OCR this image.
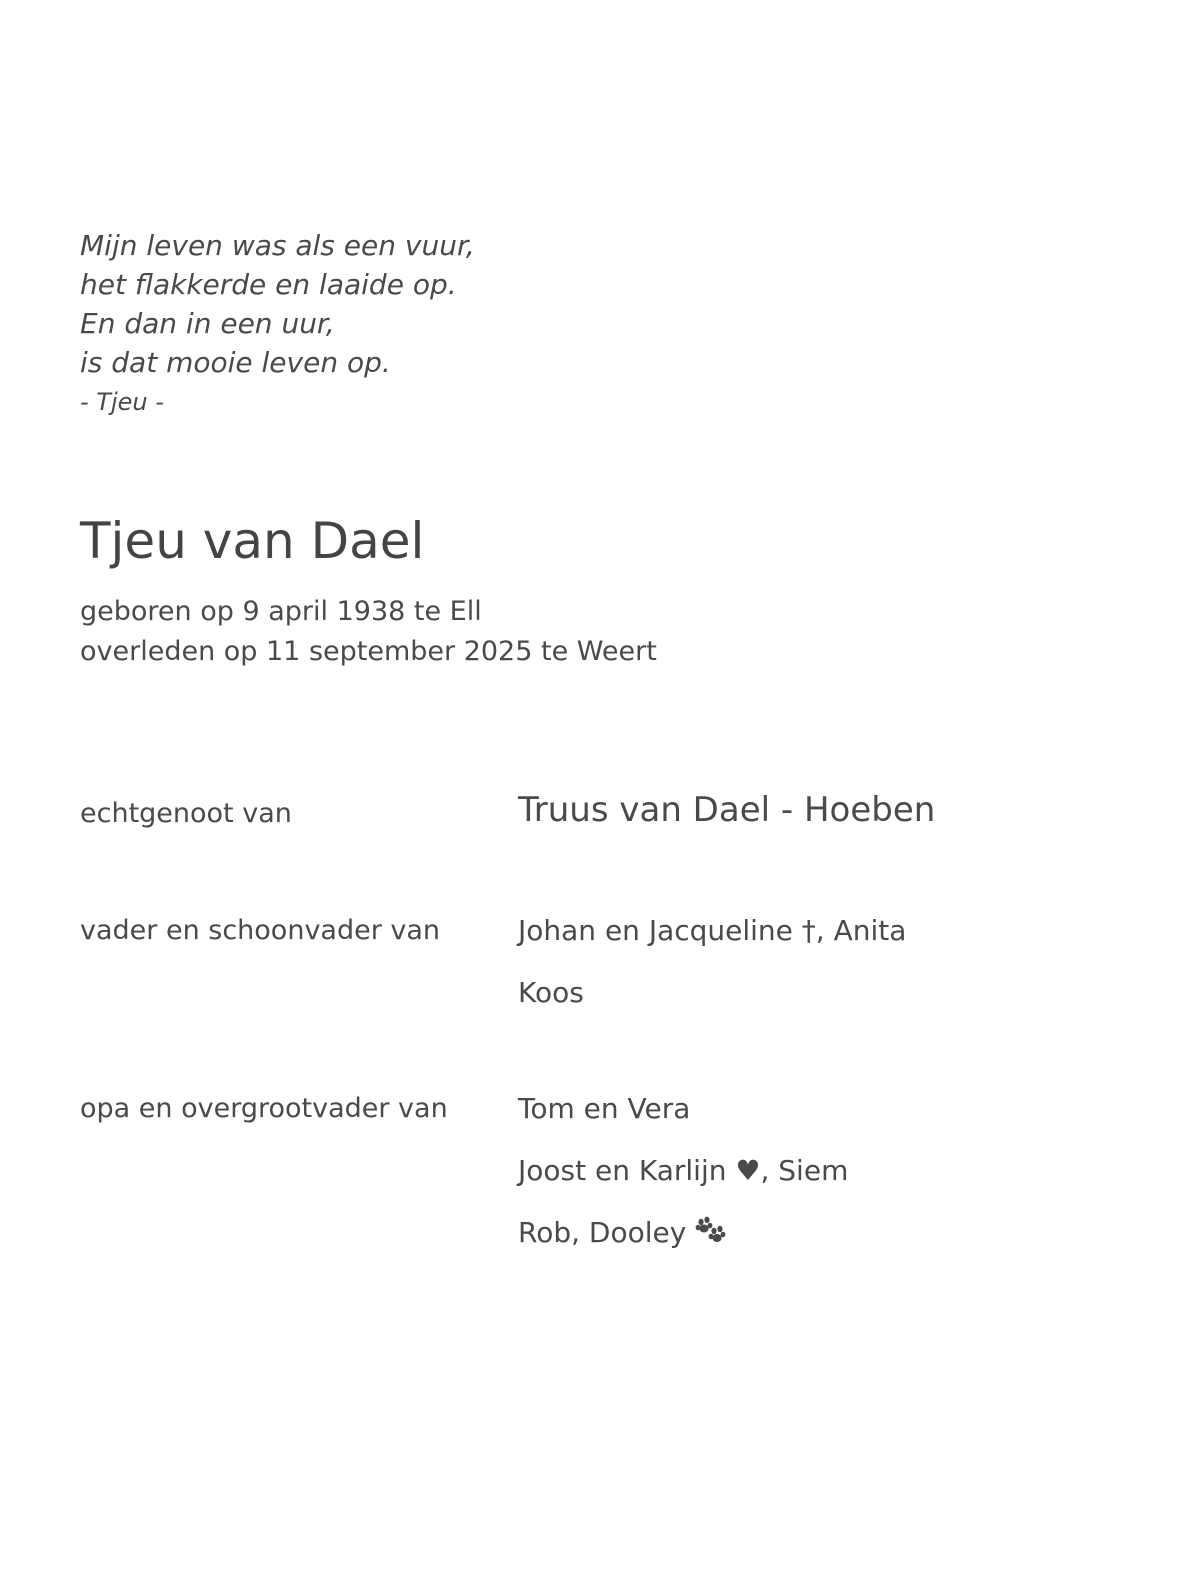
Mijn leven was als een vuur,
het flakkerde en laaide op.
En dan in een uur,
is dat mooie leven op.
- Tjeu -
Tjeu van Dael
geboren op 9 april 1938 te Ell
overleden op 11 september 2025 te Weert
echtgenoot van	Truus van Dael - Hoeben
vader en schoonvader van	Johan en Jacqueline †, Anita
Koos
opa en overgrootvader van	Tom en Vera
Joost en Karlijn ♥, Siem
Rob, Dooley
